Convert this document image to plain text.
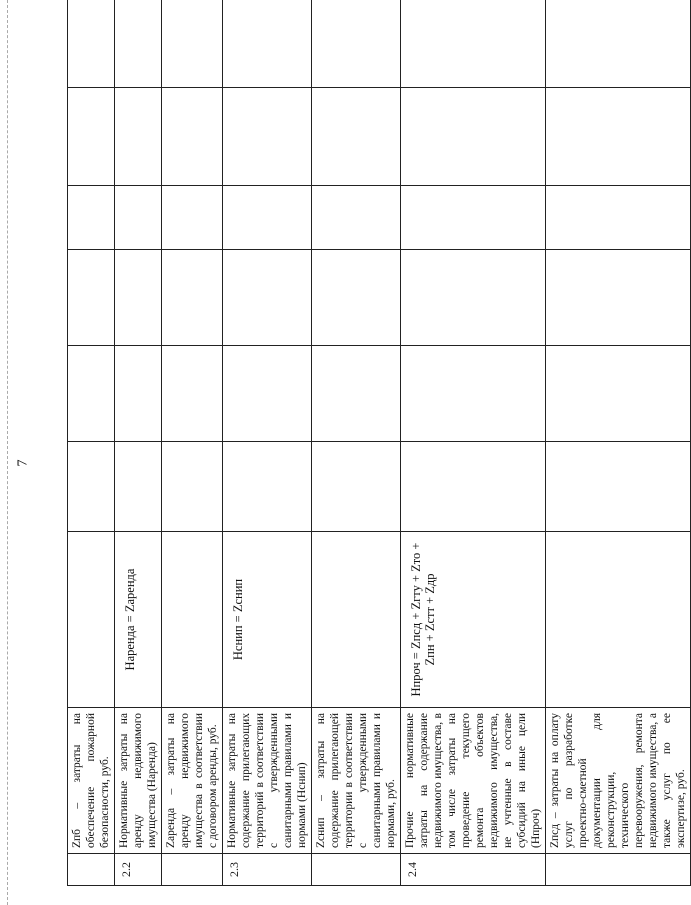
7
	Zпб – затраты на обеспечение пожарной безопасности, руб.							
2.2	Нормативные затраты на аренду недвижимого имущества (Наренда)	Наренда = Zаренда						
	Zаренда – затраты на аренду недвижимого имущества в соответствии с договором аренды, руб.							
2.3	Нормативные затраты на содержание прилегающих территорий в соответствии с утвержденными санитарными правилами и нормами (Нснип)	Нснип = Zснип						
	Zснип – затраты на содержание прилегающей территории в соответствии с утвержденными санитарными правилами и нормами, руб.							
2.4	Прочие нормативные затраты на содержание недвижимого имущества, в том числе затраты на проведение текущего ремонта объектов недвижимого имущества, не учтенные в составе субсидий на иные цели (Нпроч)	Нпроч = Zпсд + Zгту + Zто + Zпн + Zстт + Zдр						
	Zпсд – затраты на оплату услуг по разработке проектно-сметной документации для реконструкции, технического перевооружения, ремонта недвижимого имущества, а также услуг по ее экспертизе, руб.							
